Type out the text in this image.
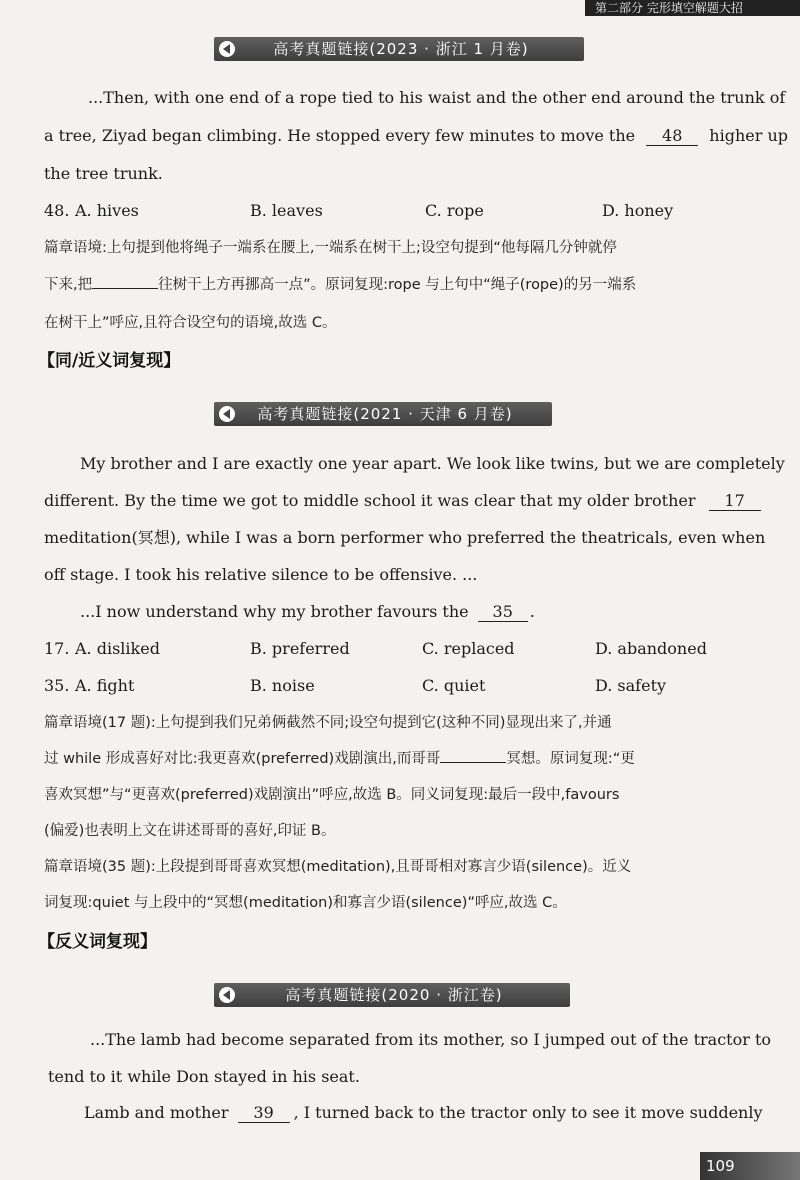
第二部分 完形填空解题大招
高考真题链接(2023 · 浙江 1 月卷)
...Then, with one end of a rope tied to his waist and the other end around the trunk of
a tree, Ziyad began climbing. He stopped every few minutes to move the 48 higher up
the tree trunk.
48. A. hives	B. leaves	C. rope	D. honey
篇章语境:上句提到他将绳子一端系在腰上,一端系在树干上;设空句提到“他每隔几分钟就停
下来,把	往树干上方再挪高一点”。原词复现:rope 与上句中“绳子(rope)的另一端系
在树干上”呼应,且符合设空句的语境,故选 C。
【同/近义词复现】
高考真题链接(2021 · 天津 6 月卷)
My brother and I are exactly one year apart. We look like twins, but we are completely
different. By the time we got to middle school it was clear that my older brother 17
meditation(冥想), while I was a born performer who preferred the theatricals, even when
off stage. I took his relative silence to be offensive. ...
...I now understand why my brother favours the 35 .
17. A. disliked	B. preferred	C. replaced	D. abandoned
35. A. fight	B. noise	C. quiet	D. safety
篇章语境(17 题):上句提到我们兄弟俩截然不同;设空句提到它(这种不同)显现出来了,并通
过 while 形成喜好对比:我更喜欢(preferred)戏剧演出,而哥哥	冥想。原词复现:“更
喜欢冥想”与“更喜欢(preferred)戏剧演出”呼应,故选 B。同义词复现:最后一段中,favours
(偏爱)也表明上文在讲述哥哥的喜好,印证 B。
篇章语境(35 题):上段提到哥哥喜欢冥想(meditation),且哥哥相对寡言少语(silence)。近义
词复现:quiet 与上段中的“冥想(meditation)和寡言少语(silence)”呼应,故选 C。
【反义词复现】
高考真题链接(2020 · 浙江卷)
...The lamb had become separated from its mother, so I jumped out of the tractor to
tend to it while Don stayed in his seat.
Lamb and mother 39 , I turned back to the tractor only to see it move suddenly
109
